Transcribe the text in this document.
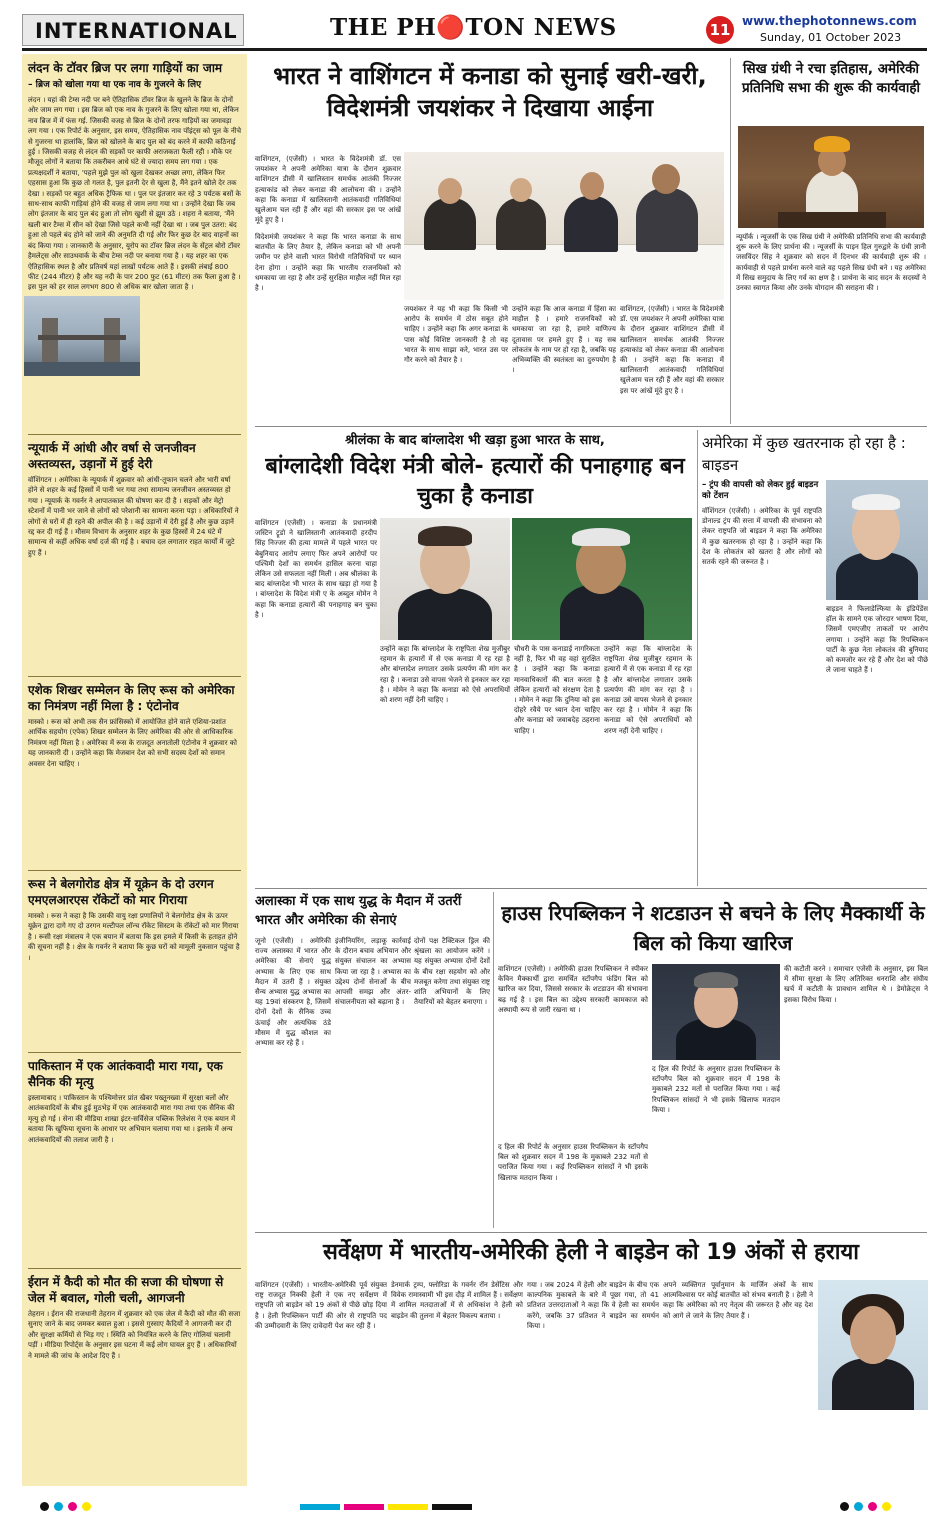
INTERNATIONAL	THE PH🔴TON NEWS	11 www.thephotonnews.com
Sunday, 01 October 2023
लंदन के टॉवर ब्रिज पर लगा गाड़ियों का जाम
– ब्रिज को खोला गया था एक नाव के गुजरने के लिए
लंदन । यहां की टेम्स नदी पर बने ऐतिहासिक टॉवर ब्रिज के खुलने के ब्रिज के दोनों ओर जाम लग गया । इस ब्रिज को एक नाव के गुजरने के लिए खोला गया था, लेकिन नाव ब्रिज में में फंस गई. जिसकी वजह से ब्रिज के दोनों तरफ गाड़ियों का जमावड़ा लग गया । एक रिपोर्ट के अनुसार, इस समय, ऐतिहासिक नाव पॉइंट्स को पूल के नीचे से गुजरना था हालांकि, ब्रिज को खोलने के बाद पुल को बंद करने में काफी कठिनाई हुई । जिसकी वजह से लंदन की सड़कों पर काफी अराजकता फैली रही । मौके पर मौजूद लोगों ने बताया कि तकरीबन आधे घंटे से ज्यादा समय लग गया । एक प्रत्यक्षदर्शी ने बताया, 'पहले मुझे पुल को खुला देखकर अच्छा लगा, लेकिन फिर एहसास हुआ कि कुछ तो गलत है, पुल इतनी देर से खुला है, मैंने इतने खोले देर तक देखा । सड़कों पर बहुत अधिक ट्रैफिक था । पुल पर इंतजार कर रहे 3 पर्यटक बसों के साथ-साथ काफी गाड़ियां होने की वजह से जाम लगा गया था । उन्होंने देखा कि जब लोग इंतजार के बाद पुल बंद हुआ तो लोग खुशी से झूम उठे । शहरा ने बताया, 'मैंने खली बार टैम्स में सीन को देखा जिसे पहले कभी नहीं देखा था । जब पुल उतरा: बंद हुआ तो पहले बंद होने को जाने की अनुमति दी गई और फिर कुछ देर बाद वाहनों का बंद किया गया । जानकारी के अनुसार, यूरोप का टॉवर ब्रिज लंदन के सेंट्रल बोरो टॉवर हैमलेट्स और साउथवार्क के बीच टेम्स नदी पर बनाया गया है । यह शहर का एक ऐतिहासिक स्थल है और प्रतिवर्ष यहां लाखों पर्यटक आते हैं । इसकी लंबाई 800 फीट (244 मीटर) है और यह नदी के पार 200 फुट (61 मीटर) तक फैला हुआ है । इस पुल को हर साल लगभग 800 से अधिक बार खोला जाता है ।
न्यूयार्क में आंधी और वर्षा से जनजीवन अस्तव्यस्त, उड़ानों में हुई देरी
वॉशिंगटन । अमेरिका के न्यूयार्क में शुक्रवार को आंधी-तूफान चलने और भारी वर्षा होने से शहर के कई हिस्सों में पानी भर गया तथा सामान्य जनजीवन अस्तव्यस्त हो गया । न्यूयार्क के गवर्नर ने आपातकाल की घोषणा कर दी है । सड़कों और मेट्रो स्टेशनों में पानी भर जाने से लोगों को परेशानी का सामना करना पड़ा । अधिकारियों ने लोगों से घरों में ही रहने की अपील की है । कई उड़ानों में देरी हुई है और कुछ उड़ानें रद्द कर दी गई हैं । मौसम विभाग के अनुसार शहर के कुछ हिस्सों में 24 घंटे में सामान्य से कहीं अधिक वर्षा दर्ज की गई है । बचाव दल लगातार राहत कार्यों में जुटे हुए हैं ।
एशेक शिखर सम्मेलन के लिए रूस को अमेरिका का निमंत्रण नहीं मिला है : एंटोनोव
मास्को । रूस को अभी तक सैन फ्रांसिस्को में आयोजित होने वाले एशिया-प्रशांत आर्थिक सहयोग (एपेक) शिखर सम्मेलन के लिए अमेरिका की ओर से आधिकारिक निमंत्रण नहीं मिला है । अमेरिका में रूस के राजदूत अनातोली एंटोनोव ने शुक्रवार को यह जानकारी दी । उन्होंने कहा कि मेजबान देश को सभी सदस्य देशों को समान अवसर देना चाहिए ।
रूस ने बेलगोरोड क्षेत्र में यूक्रेन के दो उरगन एमएलआरएस रॉकेटों को मार गिराया
मास्को । रूस ने कहा है कि उसकी वायु रक्षा प्रणालियों ने बेलगोरोड क्षेत्र के ऊपर यूक्रेन द्वारा दागे गए दो उरगन मल्टीपल लॉन्च रॉकेट सिस्टम के रॉकेटों को मार गिराया है । रूसी रक्षा मंत्रालय ने एक बयान में बताया कि इस हमले में किसी के हताहत होने की सूचना नहीं है । क्षेत्र के गवर्नर ने बताया कि कुछ घरों को मामूली नुकसान पहुंचा है ।
पाकिस्तान में एक आतंकवादी मारा गया, एक सैनिक की मृत्यु
इस्लामाबाद । पाकिस्तान के पश्चिमोत्तर प्रांत खैबर पख्तूनख्वा में सुरक्षा बलों और आतंकवादियों के बीच हुई मुठभेड़ में एक आतंकवादी मारा गया तथा एक सैनिक की मृत्यु हो गई । सेना की मीडिया शाखा इंटर-सर्विसेज पब्लिक रिलेशंस ने एक बयान में बताया कि खुफिया सूचना के आधार पर अभियान चलाया गया था । इलाके में अन्य आतंकवादियों की तलाश जारी है ।
ईरान में कैदी को मौत की सजा की घोषणा से जेल में बवाल, गोली चली, आगजनी
तेहरान । ईरान की राजधानी तेहरान में शुक्रवार को एक जेल में कैदी को मौत की सजा सुनाए जाने के बाद जमकर बवाल हुआ । इससे गुस्साए कैदियों ने आगजनी कर दी और सुरक्षा कर्मियों से भिड़ गए । स्थिति को नियंत्रित करने के लिए गोलियां चलानी पड़ीं । मीडिया रिपोर्ट्स के अनुसार इस घटना में कई लोग घायल हुए हैं । अधिकारियों ने मामले की जांच के आदेश दिए हैं ।
भारत ने वाशिंगटन में कनाडा को सुनाई खरी-खरी, विदेशमंत्री जयशंकर ने दिखाया आईना
वाशिंगटन, (एजेंसी) । भारत के विदेशमंत्री डॉ. एस जयशंकर ने अपनी अमेरिका यात्रा के दौरान शुक्रवार वाशिंगटन डीसी में खालिस्तान समर्थक आतंकी निज्जर हत्याकांड को लेकर कनाडा की आलोचना की । उन्होंने कहा कि कनाडा में खालिस्तानी आतंकवादी गतिविधियां खुलेआम चल रही हैं और वहां की सरकार इस पर आंखें मूंदे हुए है ।
विदेशमंत्री जयशंकर ने कहा कि भारत कनाडा के साथ बातचीत के लिए तैयार है, लेकिन कनाडा को भी अपनी जमीन पर होने वाली भारत विरोधी गतिविधियों पर ध्यान देना होगा । उन्होंने कहा कि भारतीय राजनयिकों को धमकाया जा रहा है और उन्हें सुरक्षित माहौल नहीं मिल रहा है ।
जयशंकर ने यह भी कहा कि किसी भी आरोप के समर्थन में ठोस सबूत होने चाहिए । उन्होंने कहा कि अगर कनाडा के पास कोई विशिष्ट जानकारी है तो वह भारत के साथ साझा करे, भारत उस पर गौर करने को तैयार है ।
उन्होंने कहा कि आज कनाडा में हिंसा का माहौल है । हमारे राजनयिकों को धमकाया जा रहा है, हमारे वाणिज्य दूतावास पर हमले हुए हैं । यह सब लोकतंत्र के नाम पर हो रहा है, जबकि यह अभिव्यक्ति की स्वतंत्रता का दुरुपयोग है ।
वाशिंगटन, (एजेंसी) । भारत के विदेशमंत्री डॉ. एस जयशंकर ने अपनी अमेरिका यात्रा के दौरान शुक्रवार वाशिंगटन डीसी में खालिस्तान समर्थक आतंकी निज्जर हत्याकांड को लेकर कनाडा की आलोचना की । उन्होंने कहा कि कनाडा में खालिस्तानी आतंकवादी गतिविधियां खुलेआम चल रही हैं और वहां की सरकार इस पर आंखें मूंदे हुए है ।
सिख ग्रंथी ने रचा इतिहास, अमेरिकी प्रतिनिधि सभा की शुरू की कार्यवाही
न्यूयॉर्क । न्यूजर्सी के एक सिख ग्रंथी ने अमेरिकी प्रतिनिधि सभा की कार्यवाही शुरू करने के लिए प्रार्थना की । न्यूजर्सी के पाइन हिल गुरुद्वारे के ग्रंथी ज्ञानी जसविंदर सिंह ने शुक्रवार को सदन में दिनभर की कार्यवाही शुरू की । कार्यवाही से पहले प्रार्थना करने वाले वह पहले सिख ग्रंथी बने । यह अमेरिका में सिख समुदाय के लिए गर्व का क्षण है । प्रार्थना के बाद सदन के सदस्यों ने उनका स्वागत किया और उनके योगदान की सराहना की ।
श्रीलंका के बाद बांग्लादेश भी खड़ा हुआ भारत के साथ,
बांग्लादेशी विदेश मंत्री बोले- हत्यारों की पनाहगाह बन चुका है कनाडा
वाशिंगटन (एजेंसी) । कनाडा के प्रधानमंत्री जस्टिन ट्रूडो ने खालिस्तानी आतंकवादी हरदीप सिंह निज्जर की हत्या मामले में पहले भारत पर बेबुनियाद आरोप लगाए फिर अपने आरोपों पर पश्चिमी देशों का समर्थन हासिल करना चाहा लेकिन उसे सफलता नहीं मिली । अब श्रीलंका के बाद बांग्लादेश भी भारत के साथ खड़ा हो गया है । बांग्लादेश के विदेश मंत्री ए के अब्दुल मोमेन ने कहा कि कनाडा हत्यारों की पनाहगाह बन चुका है ।
उन्होंने कहा कि बांग्लादेश के राष्ट्रपिता शेख मुजीबुर रहमान के हत्यारों में से एक कनाडा में रह रहा है और बांग्लादेश लगातार उसके प्रत्यर्पण की मांग कर रहा है । कनाडा उसे वापस भेजने से इनकार कर रहा है । मोमेन ने कहा कि कनाडा को ऐसे अपराधियों को शरण नहीं देनी चाहिए ।
चौधरी के पास कनाडाई नागरिकता नहीं है, फिर भी वह वहां सुरक्षित है । उन्होंने कहा कि कनाडा मानवाधिकारों की बात करता है लेकिन हत्यारों को संरक्षण देता है । मोमेन ने कहा कि दुनिया को इस दोहरे रवैये पर ध्यान देना चाहिए और कनाडा को जवाबदेह ठहराना चाहिए ।
उन्होंने कहा कि बांग्लादेश के राष्ट्रपिता शेख मुजीबुर रहमान के हत्यारों में से एक कनाडा में रह रहा है और बांग्लादेश लगातार उसके प्रत्यर्पण की मांग कर रहा है । कनाडा उसे वापस भेजने से इनकार कर रहा है । मोमेन ने कहा कि कनाडा को ऐसे अपराधियों को शरण नहीं देनी चाहिए ।
अमेरिका में कुछ खतरनाक हो रहा है : बाइडन
– ट्रंप की वापसी को लेकर हुई बाइडन को टेंशन
वॉशिंगटन (एजेंसी) । अमेरिका के पूर्व राष्ट्रपति डोनाल्ड ट्रंप की सत्ता में वापसी की संभावना को लेकर राष्ट्रपति जो बाइडन ने कहा कि अमेरिका में कुछ खतरनाक हो रहा है । उन्होंने कहा कि देश के लोकतंत्र को खतरा है और लोगों को सतर्क रहने की जरूरत है ।
बाइडन ने फिलाडेल्फिया के इंडिपेंडेंस हॉल के सामने एक जोरदार भाषण दिया, जिसमें एमएजीए ताकतों पर आरोप लगाया । उन्होंने कहा कि रिपब्लिकन पार्टी के कुछ नेता लोकतंत्र की बुनियाद को कमजोर कर रहे हैं और देश को पीछे ले जाना चाहते हैं ।
अलास्का में एक साथ युद्ध के मैदान में उतरीं भारत और अमेरिका की सेनाएं
जूनो (एजेंसी) । अमेरिकी राज्य अलास्का में भारत और अमेरिका की सेनाएं युद्ध अभ्यास के लिए एक साथ मैदान में उतरी हैं । संयुक्त सैन्य अभ्यास युद्ध अभ्यास का यह 19वां संस्करण है, जिसमें दोनों देशों के सैनिक उच्च ऊंचाई और अत्यधिक ठंडे मौसम में युद्ध कौशल का अभ्यास कर रहे हैं ।
इंजीनियरिंग, लड़ाकू कार्रवाई के दौरान बचाव अभियान और संयुक्त संचालन का अभ्यास किया जा रहा है । अभ्यास का उद्देश्य दोनों सेनाओं के बीच आपसी समझ और अंतर-संचालनीयता को बढ़ाना है ।
दोनों पक्ष टैक्टिकल ड्रिल की श्रृंखला का आयोजन करेंगे । यह संयुक्त अभ्यास दोनों देशों के बीच रक्षा सहयोग को और मजबूत करेगा तथा संयुक्त राष्ट्र शांति अभियानों के लिए तैयारियों को बेहतर बनाएगा ।
हाउस रिपब्लिकन ने शटडाउन से बचने के लिए मैक्कार्थी के बिल को किया खारिज
वाशिंगटन (एजेंसी) । अमेरिकी हाउस रिपब्लिकन ने स्पीकर केविन मैक्कार्थी द्वारा समर्थित स्टॉपगैप फंडिंग बिल को खारिज कर दिया, जिससे सरकार के शटडाउन की संभावना बढ़ गई है । इस बिल का उद्देश्य सरकारी कामकाज को अस्थायी रूप से जारी रखना था ।
द हिल की रिपोर्ट के अनुसार हाउस रिपब्लिकन के स्टॉपगैप बिल को शुक्रवार सदन में 198 के मुकाबले 232 मतों से पराजित किया गया । कई रिपब्लिकन सांसदों ने भी इसके खिलाफ मतदान किया ।
द हिल की रिपोर्ट के अनुसार हाउस रिपब्लिकन के स्टॉपगैप बिल को शुक्रवार सदन में 198 के मुकाबले 232 मतों से पराजित किया गया । कई रिपब्लिकन सांसदों ने भी इसके खिलाफ मतदान किया ।
की कटौती करने । समाचार एजेंसी के अनुसार, इस बिल में सीमा सुरक्षा के लिए अतिरिक्त धनराशि और संघीय खर्च में कटौती के प्रावधान शामिल थे । डेमोक्रेट्स ने इसका विरोध किया ।
सर्वेक्षण में भारतीय-अमेरिकी हेली ने बाइडेन को 19 अंकों से हराया
वाशिंगटन (एजेंसी) । भारतीय-अमेरिकी पूर्व संयुक्त राष्ट्र राजदूत निक्की हेली ने एक नए सर्वेक्षण में राष्ट्रपति जो बाइडेन को 19 अंकों से पीछे छोड़ दिया है । हेली रिपब्लिकन पार्टी की ओर से राष्ट्रपति पद की उम्मीदवारी के लिए दावेदारी पेश कर रही हैं ।
डेनमार्क ट्रम्प, फ्लोरिडा के गवर्नर रॉन डेसेंटिस और विवेक रामास्वामी भी इस दौड़ में शामिल हैं । सर्वेक्षण में शामिल मतदाताओं में से अधिकांश ने हेली को बाइडेन की तुलना में बेहतर विकल्प बताया ।
गया । जब 2024 में हेली और बाइडेन के बीच एक काल्पनिक मुकाबले के बारे में पूछा गया, तो 41 प्रतिशत उत्तरदाताओं ने कहा कि वे हेली का समर्थन करेंगे, जबकि 37 प्रतिशत ने बाइडेन का समर्थन किया ।
अपने व्यक्तिगत पूर्वानुमान के मार्जिन अंकों के साथ आत्मविश्वास पर कोई बातचीत को संभव बनाती है । हेली ने कहा कि अमेरिका को नए नेतृत्व की जरूरत है और वह देश को आगे ले जाने के लिए तैयार हैं ।
